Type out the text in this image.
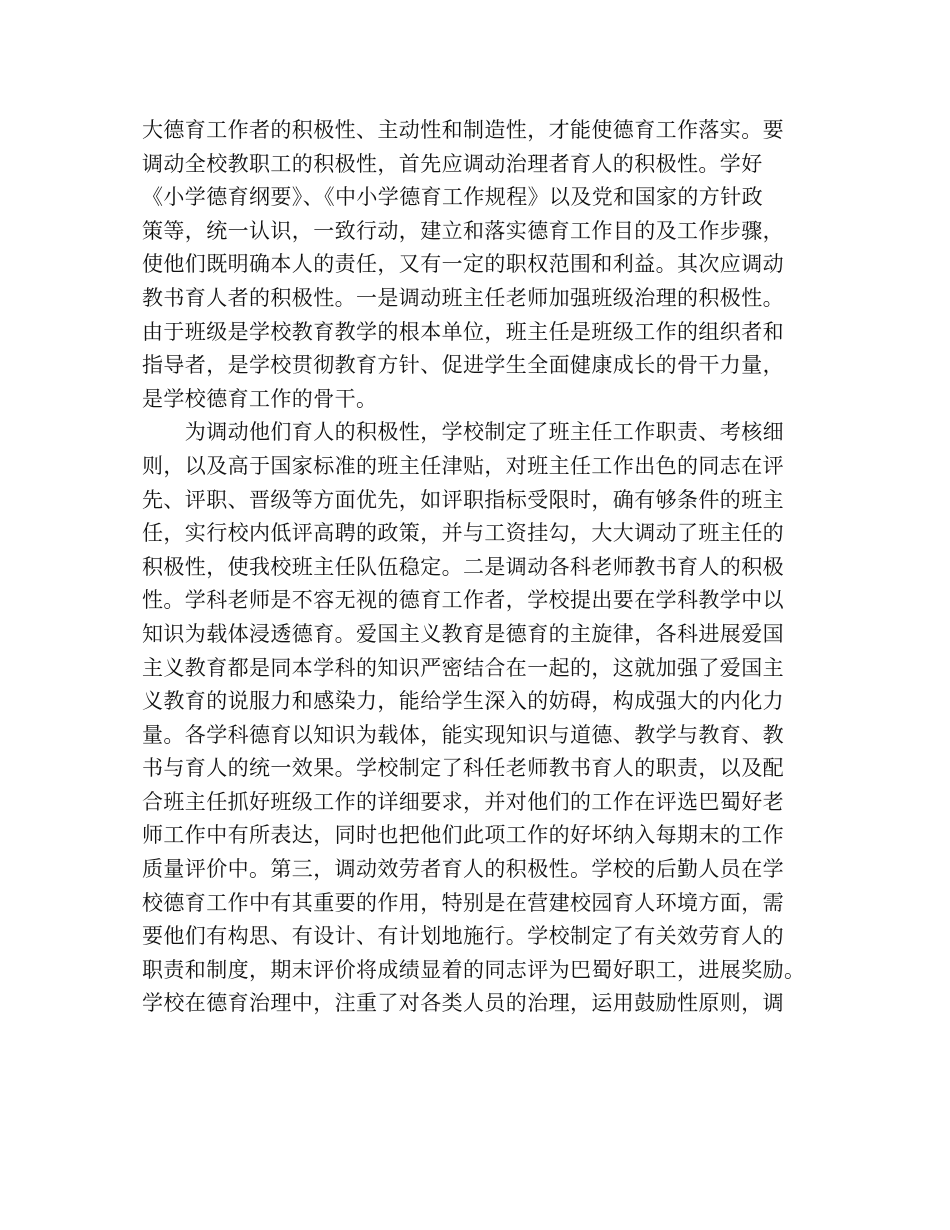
大德育工作者的积极性、主动性和制造性，才能使德育工作落实。要
调动全校教职工的积极性，首先应调动治理者育人的积极性。学好
《小学德育纲要》、《中小学德育工作规程》以及党和国家的方针政
策等，统一认识，一致行动，建立和落实德育工作目的及工作步骤，
使他们既明确本人的责任，又有一定的职权范围和利益。其次应调动
教书育人者的积极性。一是调动班主任老师加强班级治理的积极性。
由于班级是学校教育教学的根本单位，班主任是班级工作的组织者和
指导者，是学校贯彻教育方针、促进学生全面健康成长的骨干力量，
是学校德育工作的骨干。
　　为调动他们育人的积极性，学校制定了班主任工作职责、考核细
则，以及高于国家标准的班主任津贴，对班主任工作出色的同志在评
先、评职、晋级等方面优先，如评职指标受限时，确有够条件的班主
任，实行校内低评高聘的政策，并与工资挂勾，大大调动了班主任的
积极性，使我校班主任队伍稳定。二是调动各科老师教书育人的积极
性。学科老师是不容无视的德育工作者，学校提出要在学科教学中以
知识为载体浸透德育。爱国主义教育是德育的主旋律，各科进展爱国
主义教育都是同本学科的知识严密结合在一起的，这就加强了爱国主
义教育的说服力和感染力，能给学生深入的妨碍，构成强大的内化力
量。各学科德育以知识为载体，能实现知识与道德、教学与教育、教
书与育人的统一效果。学校制定了科任老师教书育人的职责，以及配
合班主任抓好班级工作的详细要求，并对他们的工作在评选巴蜀好老
师工作中有所表达，同时也把他们此项工作的好坏纳入每期末的工作
质量评价中。第三，调动效劳者育人的积极性。学校的后勤人员在学
校德育工作中有其重要的作用，特别是在营建校园育人环境方面，需
要他们有构思、有设计、有计划地施行。学校制定了有关效劳育人的
职责和制度，期末评价将成绩显着的同志评为巴蜀好职工，进展奖励。
学校在德育治理中，注重了对各类人员的治理，运用鼓励性原则，调
